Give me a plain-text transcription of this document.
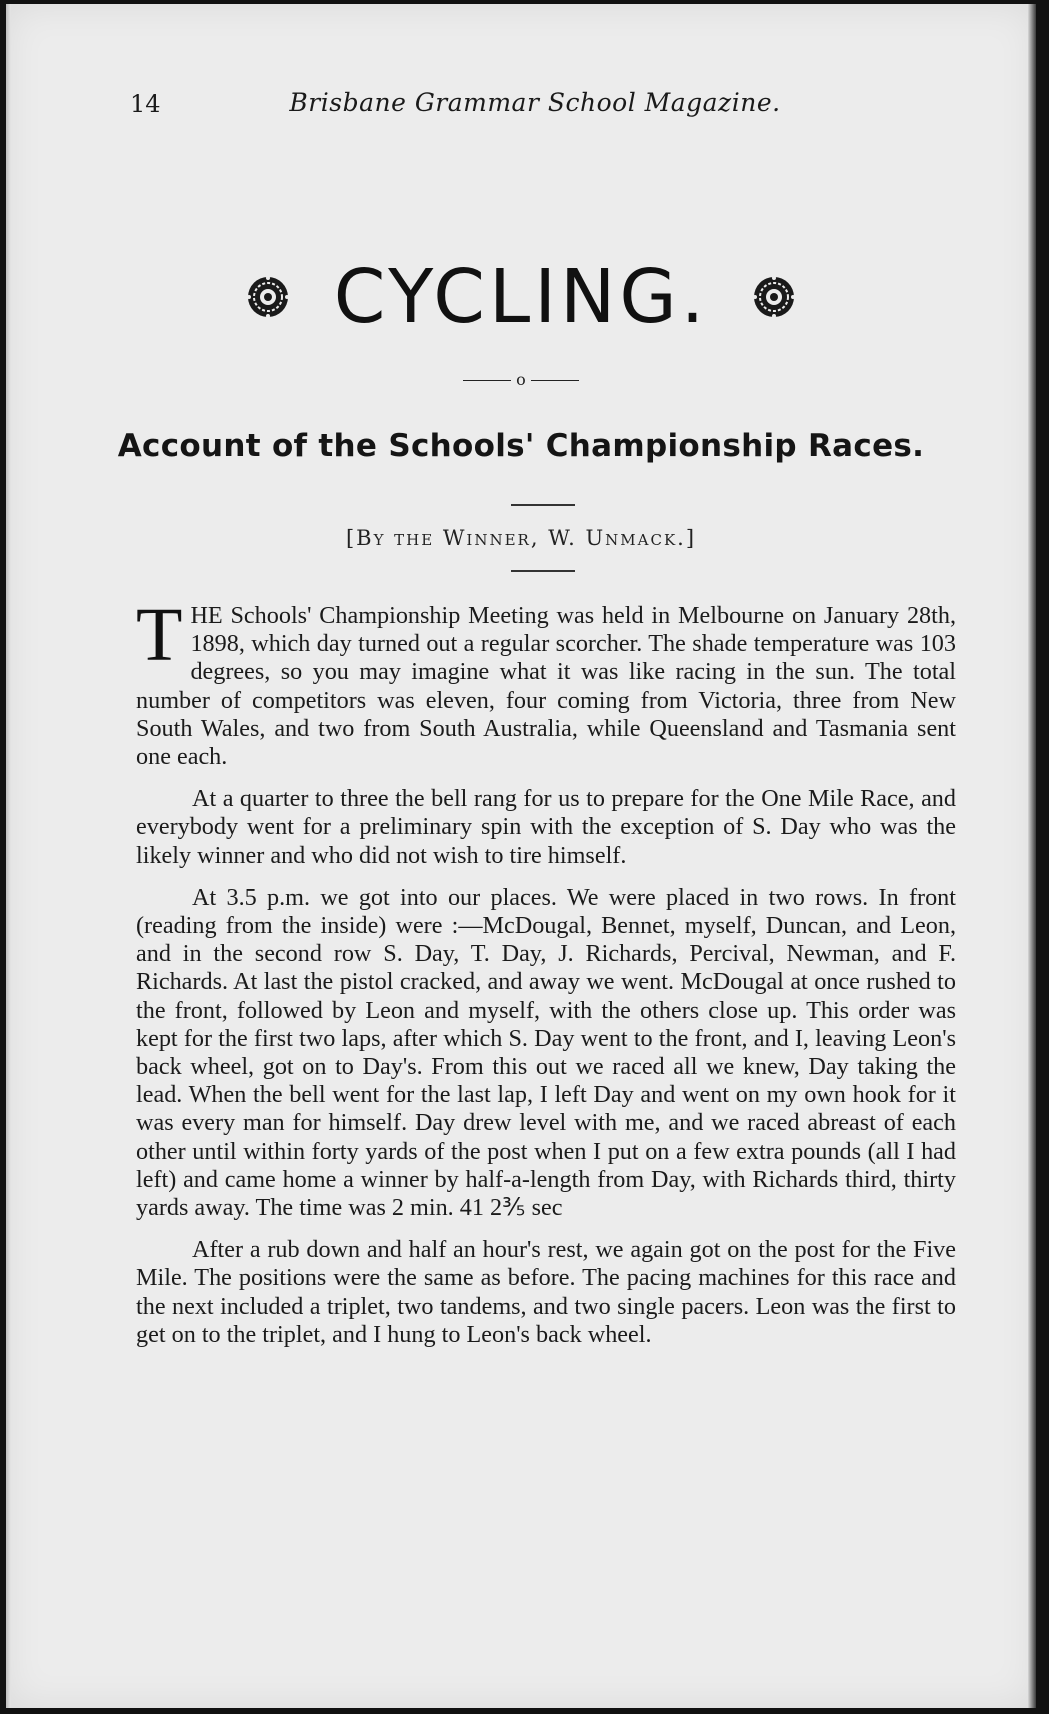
14	Brisbane Grammar School Magazine.
CYCLING.
o
Account of the Schools' Championship Races.
[By the Winner, W. Unmack.]

THE Schools' Championship Meeting was held in Melbourne on January 28th, 1898, which day turned out a regular scorcher. The shade temperature was 103 degrees, so you may imagine what it was like racing in the sun. The total number of competitors was eleven, four coming from Victoria, three from New South Wales, and two from South Australia, while Queensland and Tasmania sent one each.

At a quarter to three the bell rang for us to prepare for the One Mile Race, and everybody went for a preliminary spin with the exception of S. Day who was the likely winner and who did not wish to tire himself.

At 3.5 p.m. we got into our places. We were placed in two rows. In front (reading from the inside) were :—McDougal, Bennet, myself, Duncan, and Leon, and in the second row S. Day, T. Day, J. Richards, Percival, Newman, and F. Richards. At last the pistol cracked, and away we went. McDougal at once rushed to the front, followed by Leon and myself, with the others close up. This order was kept for the first two laps, after which S. Day went to the front, and I, leaving Leon's back wheel, got on to Day's. From this out we raced all we knew, Day taking the lead. When the bell went for the last lap, I left Day and went on my own hook for it was every man for himself. Day drew level with me, and we raced abreast of each other until within forty yards of the post when I put on a few extra pounds (all I had left) and came home a winner by half-a-length from Day, with Richards third, thirty yards away. The time was 2 min. 41 2⅗ sec

After a rub down and half an hour's rest, we again got on the post for the Five Mile. The positions were the same as before. The pacing machines for this race and the next included a triplet, two tandems, and two single pacers. Leon was the first to get on to the triplet, and I hung to Leon's back wheel.
